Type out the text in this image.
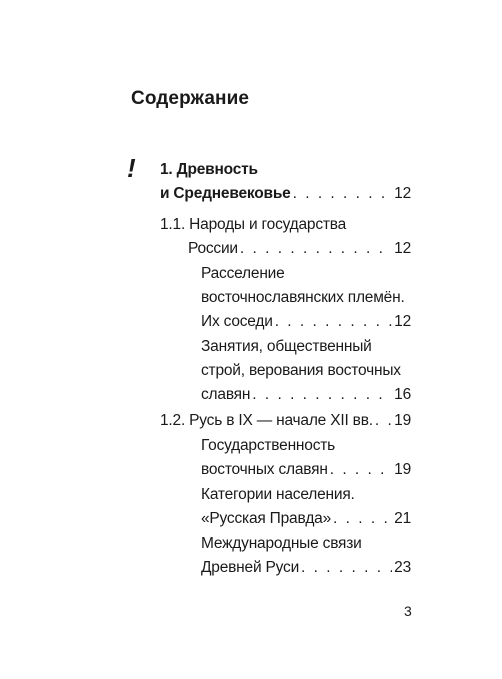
Содержание
! 1. Древность
и Средневековье . . .	12
1.1. Народы и государства
России . . .	12
Расселение
восточнославянских племён.
Их соседи . . .	12
Занятия, общественный
строй, верования восточных
славян . . .	16
1.2. Русь в IX — начале XII вв. . . . 19
Государственность
восточных славян . . .	19
Категории населения.
«Русская Правда» . . .	21
Международные связи
Древней Руси . . .	23
3
